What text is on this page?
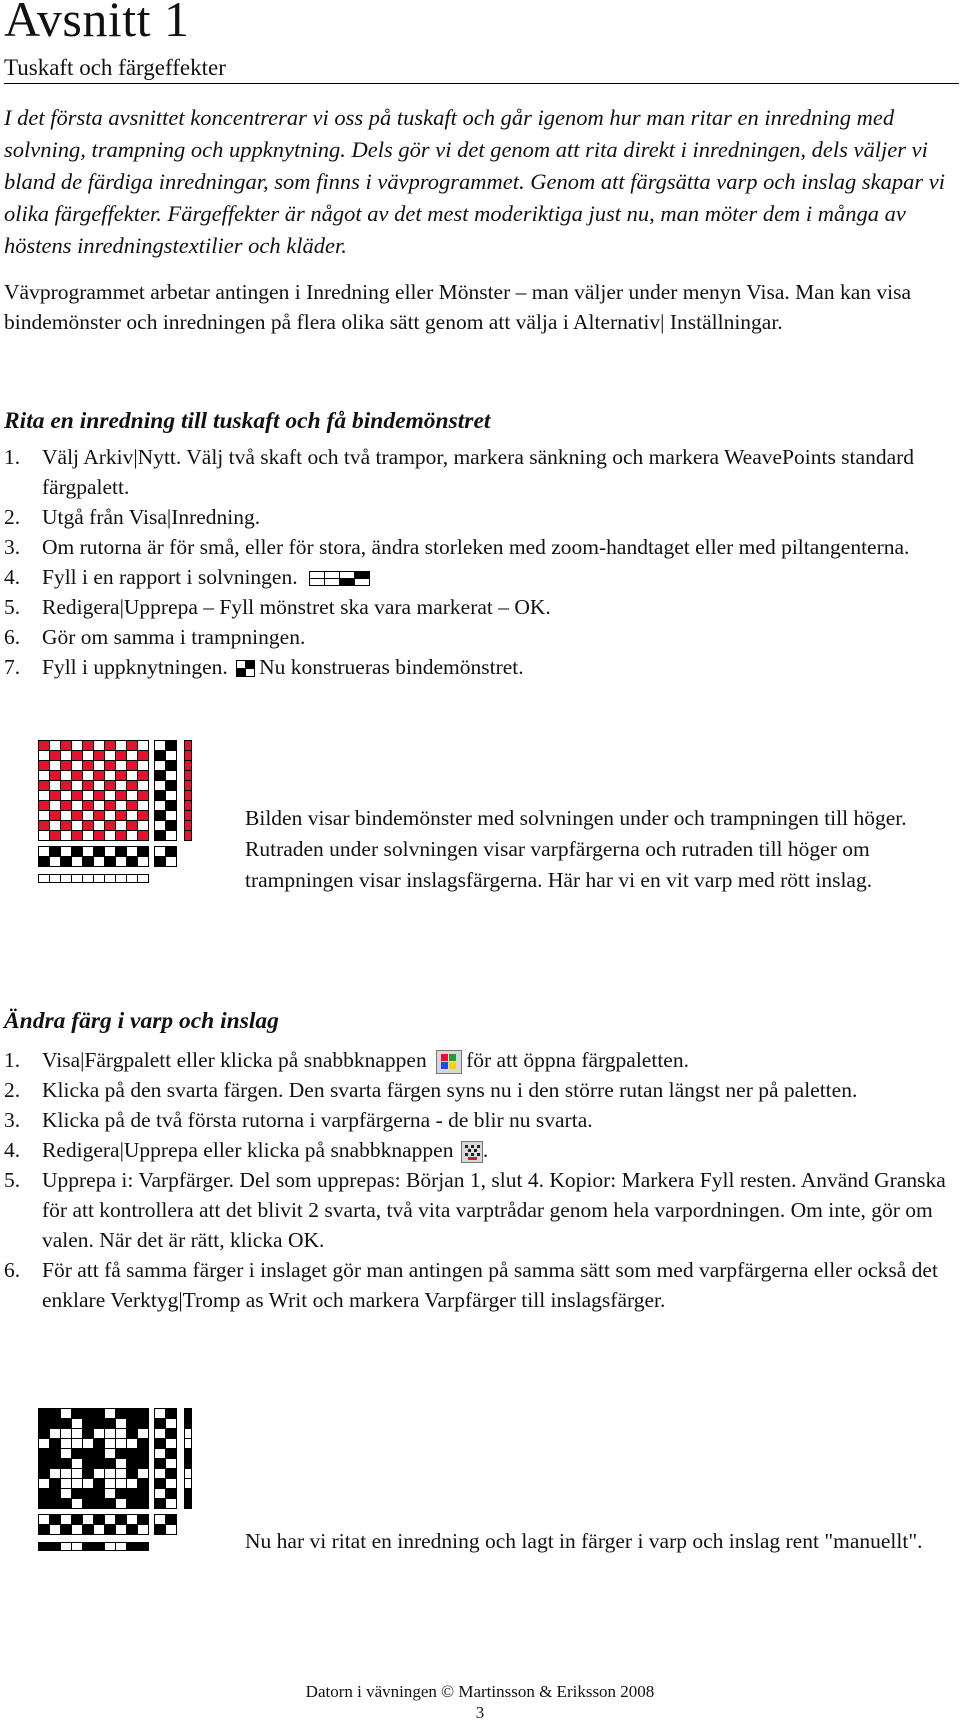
Avsnitt 1
Tuskaft och färgeffekter
I det första avsnittet koncentrerar vi oss på tuskaft och går igenom hur man ritar en inredning med solvning, trampning och uppknytning. Dels gör vi det genom att rita direkt i inredningen, dels väljer vi bland de färdiga inredningar, som finns i vävprogrammet. Genom att färgsätta varp och inslag skapar vi olika färgeffekter. Färgeffekter är något av det mest moderiktiga just nu, man möter dem i många av höstens inredningstextilier och kläder.
Vävprogrammet arbetar antingen i Inredning eller Mönster – man väljer under menyn Visa. Man kan visa bindemönster och inredningen på flera olika sätt genom att välja i Alternativ| Inställningar.
Rita en inredning till tuskaft och få bindemönstret
1. Välj Arkiv|Nytt. Välj två skaft och två trampor, markera sänkning och markera WeavePoints standard färgpalett.
2. Utgå från Visa|Inredning.
3. Om rutorna är för små, eller för stora, ändra storleken med zoom-handtaget eller med piltangenterna.
4. Fyll i en rapport i solvningen.
5. Redigera|Upprepa – Fyll mönstret ska vara markerat – OK.
6. Gör om samma i trampningen.
7. Fyll i uppknytningen. Nu konstrueras bindemönstret.
Bilden visar bindemönster med solvningen under och trampningen till höger. Rutraden under solvningen visar varpfärgerna och rutraden till höger om trampningen visar inslagsfärgerna. Här har vi en vit varp med rött inslag.
Ändra färg i varp och inslag
1. Visa|Färgpalett eller klicka på snabbknappen för att öppna färgpaletten.
2. Klicka på den svarta färgen. Den svarta färgen syns nu i den större rutan längst ner på paletten.
3. Klicka på de två första rutorna i varpfärgerna - de blir nu svarta.
4. Redigera|Upprepa eller klicka på snabbknappen .
5. Upprepa i: Varpfärger. Del som upprepas: Början 1, slut 4. Kopior: Markera Fyll resten. Använd Granska för att kontrollera att det blivit 2 svarta, två vita varptrådar genom hela varpordningen. Om inte, gör om valen. När det är rätt, klicka OK.
6. För att få samma färger i inslaget gör man antingen på samma sätt som med varpfärgerna eller också det enklare Verktyg|Tromp as Writ och markera Varpfärger till inslagsfärger.
Nu har vi ritat en inredning och lagt in färger i varp och inslag rent "manuellt".
Datorn i vävningen © Martinsson & Eriksson 2008
3
